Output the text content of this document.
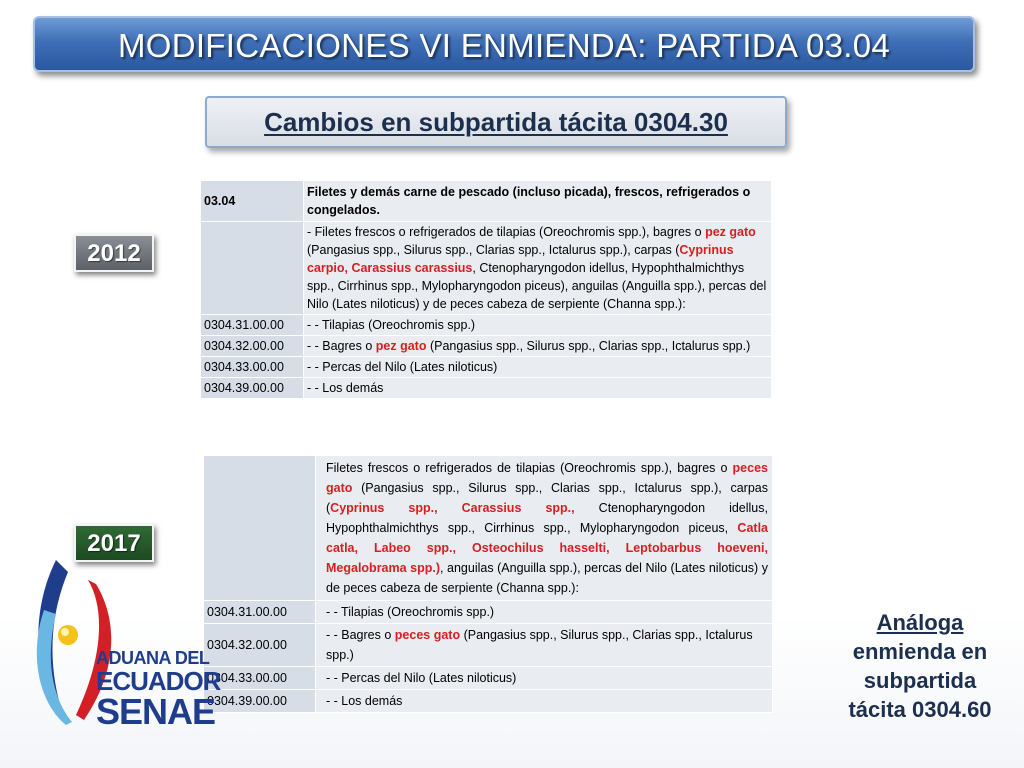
MODIFICACIONES VI ENMIENDA: PARTIDA 03.04
Cambios en subpartida tácita 0304.30
2012
2017
03.04	Filetes y demás carne de pescado (incluso picada), frescos, refrigerados o congelados.
	- Filetes frescos o refrigerados de tilapias (Oreochromis spp.), bagres o pez gato (Pangasius spp., Silurus spp., Clarias spp., Ictalurus spp.), carpas (Cyprinus carpio, Carassius carassius, Ctenopharyngodon idellus, Hypophthalmichthys spp., Cirrhinus spp., Mylopharyngodon piceus), anguilas (Anguilla spp.), percas del Nilo (Lates niloticus) y de peces cabeza de serpiente (Channa spp.):
0304.31.00.00	- - Tilapias (Oreochromis spp.)
0304.32.00.00	- - Bagres o pez gato (Pangasius spp., Silurus spp., Clarias spp., Ictalurus spp.)
0304.33.00.00	- - Percas del Nilo (Lates niloticus)
0304.39.00.00	- - Los demás
	Filetes frescos o refrigerados de tilapias (Oreochromis spp.), bagres o peces gato (Pangasius spp., Silurus spp., Clarias spp., Ictalurus spp.), carpas (Cyprinus spp., Carassius spp., Ctenopharyngodon idellus, Hypophthalmichthys spp., Cirrhinus spp., Mylopharyngodon piceus, Catla catla, Labeo spp., Osteochilus hasselti, Leptobarbus hoeveni, Megalobrama spp.), anguilas (Anguilla spp.), percas del Nilo (Lates niloticus) y de peces cabeza de serpiente (Channa spp.):
0304.31.00.00	- - Tilapias (Oreochromis spp.)
0304.32.00.00	- - Bagres o peces gato (Pangasius spp., Silurus spp., Clarias spp., Ictalurus spp.)
0304.33.00.00	- - Percas del Nilo (Lates niloticus)
0304.39.00.00	- - Los demás
Análoga
enmienda en
subpartida
tácita 0304.60
ADUANA DEL
ECUADOR
SENAE
